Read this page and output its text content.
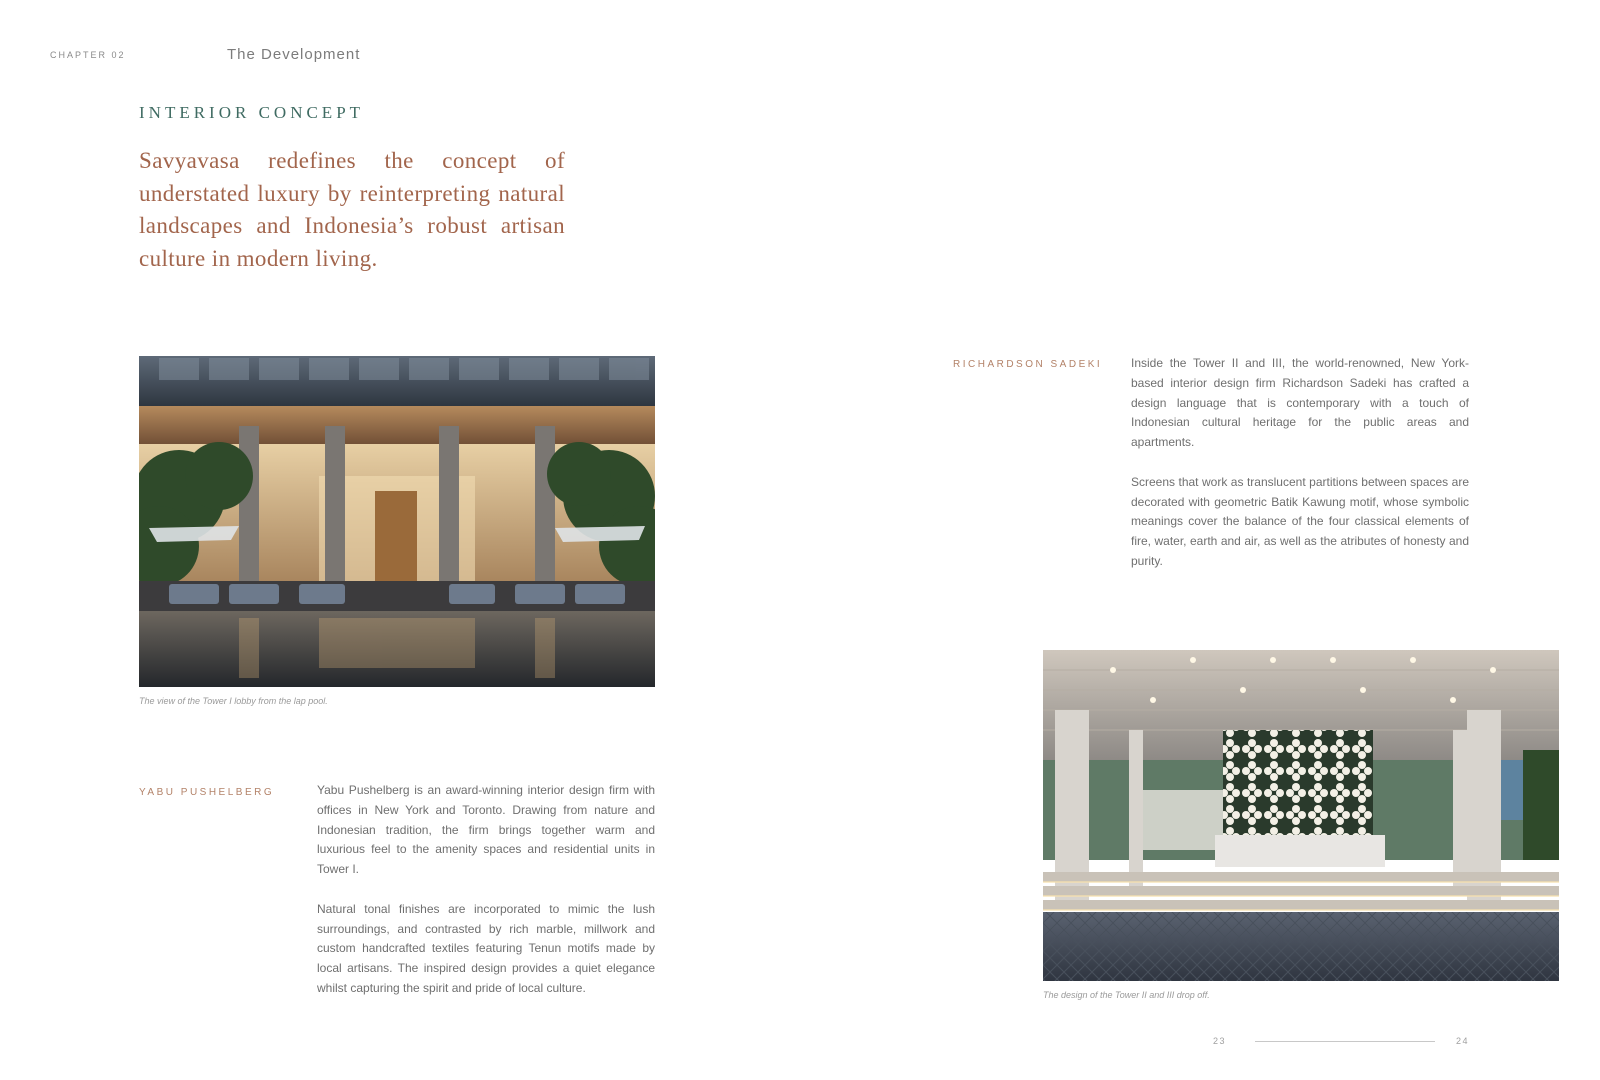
CHAPTER 02	The Development
INTERIOR CONCEPT
Savyavasa redefines the concept of understated luxury by reinterpreting natural landscapes and Indonesia’s robust artisan culture in modern living.
The view of the Tower I lobby from the lap pool.
YABU PUSHELBERG	Yabu Pushelberg is an award-winning interior design firm with offices in New York and Toronto. Drawing from nature and Indonesian tradition, the firm brings together warm and luxurious feel to the amenity spaces and residential units in Tower I.

Natural tonal finishes are incorporated to mimic the lush surroundings, and contrasted by rich marble, millwork and custom handcrafted textiles featuring Tenun motifs made by local artisans. The inspired design provides a quiet elegance whilst capturing the spirit and pride of local culture.

RICHARDSON SADEKI Inside the Tower II and III, the world-renowned, New York-based interior design firm Richardson Sadeki has crafted a design language that is contemporary with a touch of Indonesian cultural heritage for the public areas and apartments.

Screens that work as translucent partitions between spaces are decorated with geometric Batik Kawung motif, whose symbolic meanings cover the balance of the four classical elements of fire, water, earth and air, as well as the atributes of honesty and purity.

The design of the Tower II and III drop off.
23	24
